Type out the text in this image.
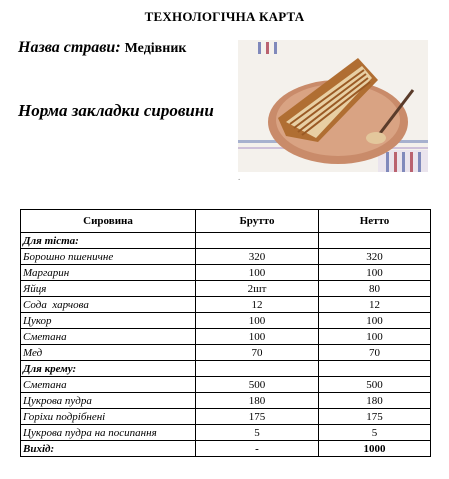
ТЕХНОЛОГІЧНА КАРТА
Назва страви: Медівник
Норма закладки сировини
.
Сировина	Брутто	Нетто
Для тіста:		
Борошно пшеничне	320	320
Маргарин	100	100
Яйця	2шт	80
Сода  харчова	12	12
Цукор	100	100
Сметана	100	100
Мед	70	70
Для крему:		
Сметана	500	500
Цукрова пудра	180	180
Горіхи подрібнені	175	175
Цукрова пудра на посипання	5	5
Вихід:	-	1000
